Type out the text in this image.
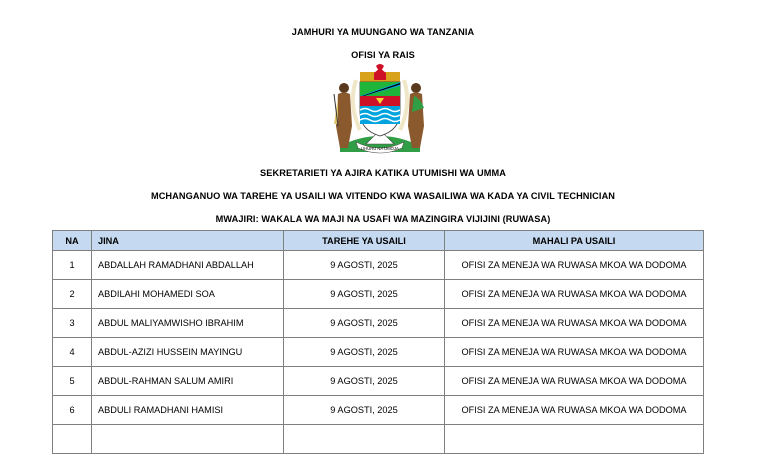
JAMHURI YA MUUNGANO WA TANZANIA
OFISI YA RAIS
UHURU NA UMOJA
SEKRETARIETI YA AJIRA KATIKA UTUMISHI WA UMMA
MCHANGANUO WA TAREHE YA USAILI WA VITENDO KWA WASAILIWA WA KADA YA CIVIL TECHNICIAN
MWAJIRI: WAKALA WA MAJI NA USAFI WA MAZINGIRA VIJIJINI (RUWASA)
NA	JINA	TAREHE YA USAILI	MAHALI PA USAILI
1	ABDALLAH RAMADHANI ABDALLAH	9 AGOSTI, 2025	OFISI ZA MENEJA WA RUWASA MKOA WA DODOMA
2	ABDILAHI MOHAMEDI SOA	9 AGOSTI, 2025	OFISI ZA MENEJA WA RUWASA MKOA WA DODOMA
3	ABDUL MALIYAMWISHO IBRAHIM	9 AGOSTI, 2025	OFISI ZA MENEJA WA RUWASA MKOA WA DODOMA
4	ABDUL-AZIZI HUSSEIN MAYINGU	9 AGOSTI, 2025	OFISI ZA MENEJA WA RUWASA MKOA WA DODOMA
5	ABDUL-RAHMAN SALUM AMIRI	9 AGOSTI, 2025	OFISI ZA MENEJA WA RUWASA MKOA WA DODOMA
6	ABDULI RAMADHANI HAMISI	9 AGOSTI, 2025	OFISI ZA MENEJA WA RUWASA MKOA WA DODOMA
